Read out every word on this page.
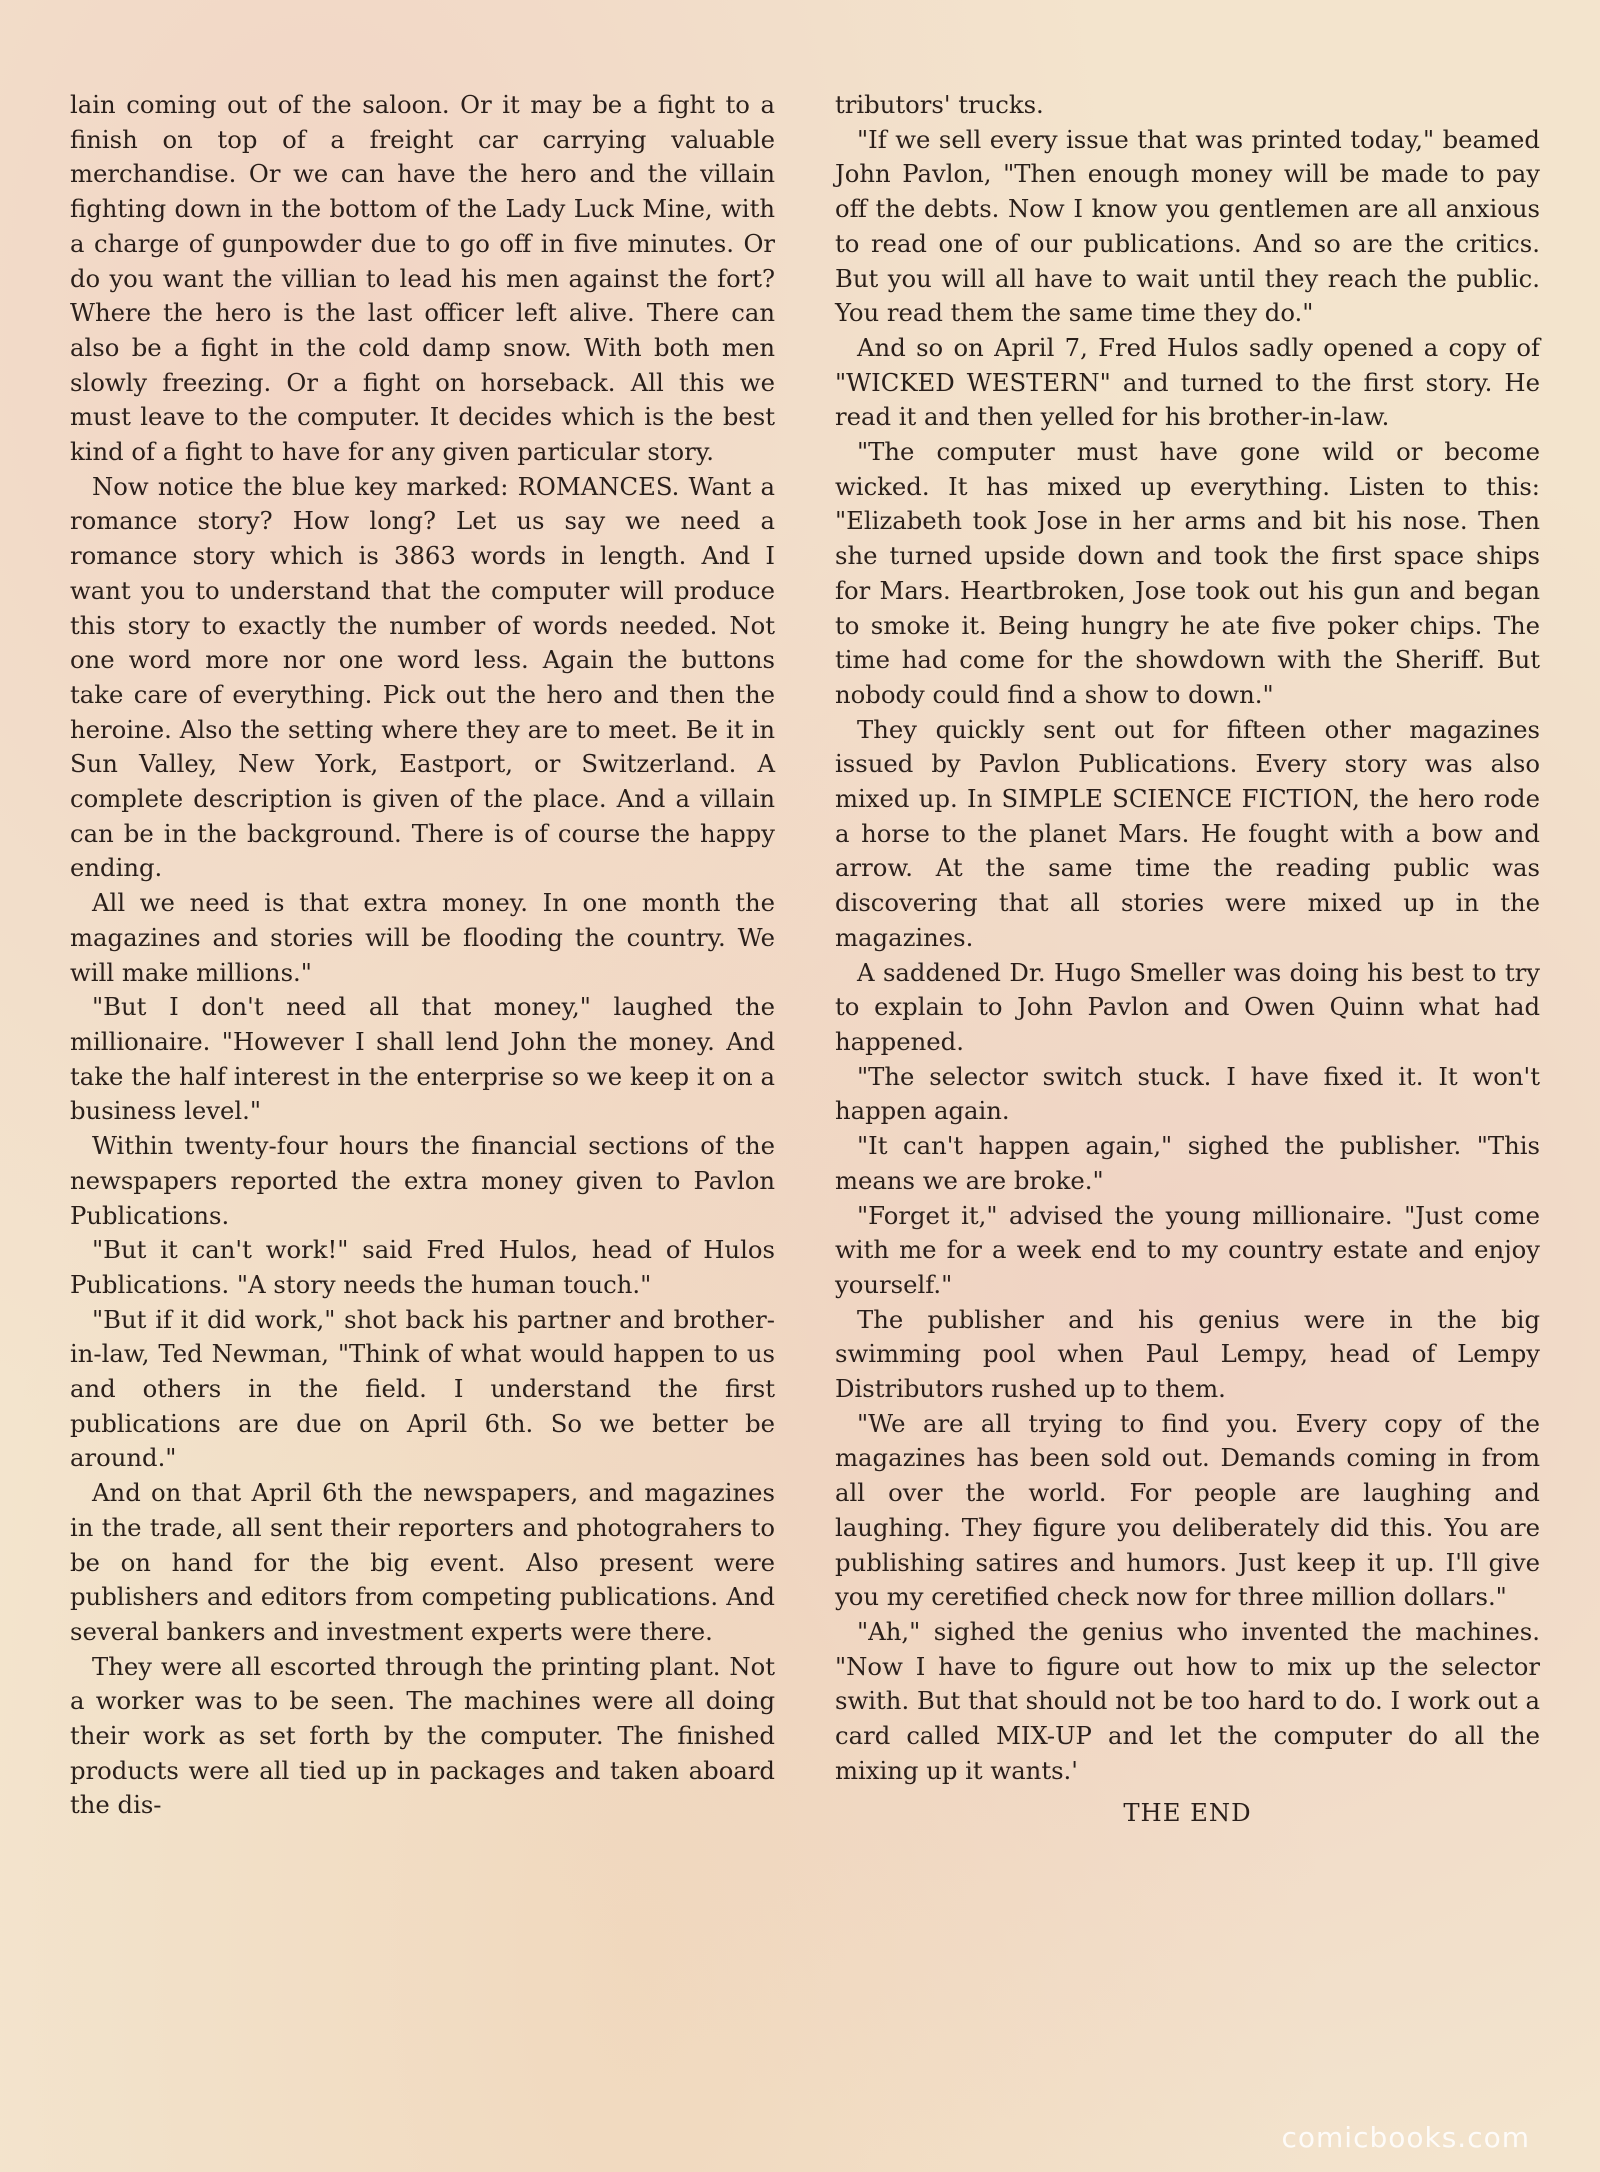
lain coming out of the saloon. Or it may be a fight to a finish on top of a freight car carrying valuable merchandise. Or we can have the hero and the villain fighting down in the bottom of the Lady Luck Mine, with a charge of gunpowder due to go off in five minutes. Or do you want the villian to lead his men against the fort? Where the hero is the last officer left alive. There can also be a fight in the cold damp snow. With both men slowly freezing. Or a fight on horseback. All this we must leave to the computer. It decides which is the best kind of a fight to have for any given particular story.

Now notice the blue key marked: ROMANCES. Want a romance story? How long? Let us say we need a romance story which is 3863 words in length. And I want you to understand that the computer will produce this story to exactly the number of words needed. Not one word more nor one word less. Again the buttons take care of everything. Pick out the hero and then the heroine. Also the setting where they are to meet. Be it in Sun Valley, New York, Eastport, or Switzerland. A complete description is given of the place. And a villain can be in the background. There is of course the happy ending.

All we need is that extra money. In one month the magazines and stories will be flooding the country. We will make millions."

"But I don't need all that money," laughed the millionaire. "However I shall lend John the money. And take the half interest in the enterprise so we keep it on a business level."

Within twenty-four hours the financial sections of the newspapers reported the extra money given to Pavlon Publications.

"But it can't work!" said Fred Hulos, head of Hulos Publications. "A story needs the human touch."

"But if it did work," shot back his partner and brother-in-law, Ted Newman, "Think of what would happen to us and others in the field. I understand the first publications are due on April 6th. So we better be around."

And on that April 6th the newspapers, and magazines in the trade, all sent their reporters and photograhers to be on hand for the big event. Also present were publishers and editors from competing publications. And several bankers and investment experts were there.

They were all escorted through the printing plant. Not a worker was to be seen. The machines were all doing their work as set forth by the computer. The finished products were all tied up in packages and taken aboard the dis-

tributors' trucks.

"If we sell every issue that was printed today," beamed John Pavlon, "Then enough money will be made to pay off the debts. Now I know you gentlemen are all anxious to read one of our publications. And so are the critics. But you will all have to wait until they reach the public. You read them the same time they do."

And so on April 7, Fred Hulos sadly opened a copy of "WICKED WESTERN" and turned to the first story. He read it and then yelled for his brother-in-law.

"The computer must have gone wild or become wicked. It has mixed up everything. Listen to this: "Elizabeth took Jose in her arms and bit his nose. Then she turned upside down and took the first space ships for Mars. Heartbroken, Jose took out his gun and began to smoke it. Being hungry he ate five poker chips. The time had come for the showdown with the Sheriff. But nobody could find a show to down."

They quickly sent out for fifteen other magazines issued by Pavlon Publications. Every story was also mixed up. In SIMPLE SCIENCE FICTION, the hero rode a horse to the planet Mars. He fought with a bow and arrow. At the same time the reading public was discovering that all stories were mixed up in the magazines.

A saddened Dr. Hugo Smeller was doing his best to try to explain to John Pavlon and Owen Quinn what had happened.

"The selector switch stuck. I have fixed it. It won't happen again.

"It can't happen again," sighed the publisher. "This means we are broke."

"Forget it," advised the young millionaire. "Just come with me for a week end to my country estate and enjoy yourself."

The publisher and his genius were in the big swimming pool when Paul Lempy, head of Lempy Distributors rushed up to them.

"We are all trying to find you. Every copy of the magazines has been sold out. Demands coming in from all over the world. For people are laughing and laughing. They figure you deliberately did this. You are publishing satires and humors. Just keep it up. I'll give you my ceretified check now for three million dollars."

"Ah," sighed the genius who invented the machines. "Now I have to figure out how to mix up the selector swith. But that should not be too hard to do. I work out a card called MIX-UP and let the computer do all the mixing up it wants.'

THE END

comicbooks.com
